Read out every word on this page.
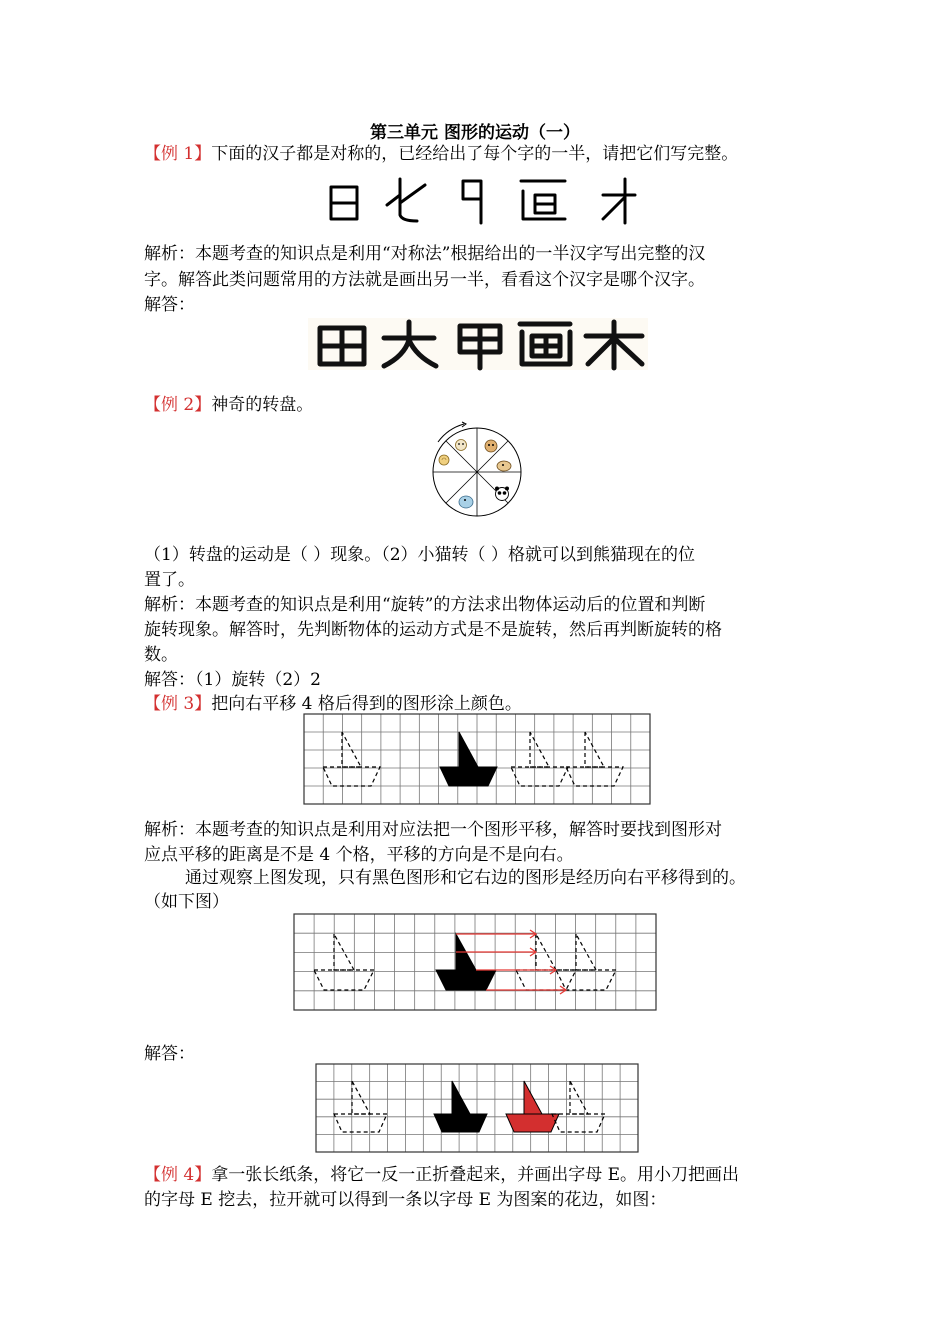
第三单元 图形的运动（一）
【例 1】下面的汉子都是对称的，已经给出了每个字的一半，请把它们写完整。
解析：本题考查的知识点是利用“对称法”根据给出的一半汉字写出完整的汉
字。解答此类问题常用的方法就是画出另一半，看看这个汉字是哪个汉字。
解答：
【例 2】神奇的转盘。
（1）转盘的运动是（ ）现象。（2）小猫转（ ）格就可以到熊猫现在的位
置了。
解析：本题考查的知识点是利用“旋转”的方法求出物体运动后的位置和判断
旋转现象。解答时，先判断物体的运动方式是不是旋转，然后再判断旋转的格
数。
解答：（1）旋转（2）2
【例 3】把向右平移 4 格后得到的图形涂上颜色。
解析：本题考查的知识点是利用对应法把一个图形平移，解答时要找到图形对
应点平移的距离是不是 4 个格，平移的方向是不是向右。
通过观察上图发现，只有黑色图形和它右边的图形是经历向右平移得到的。
（如下图）
解答：
【例 4】拿一张长纸条，将它一反一正折叠起来，并画出字母 E。用小刀把画出
的字母 E 挖去，拉开就可以得到一条以字母 E 为图案的花边，如图：
